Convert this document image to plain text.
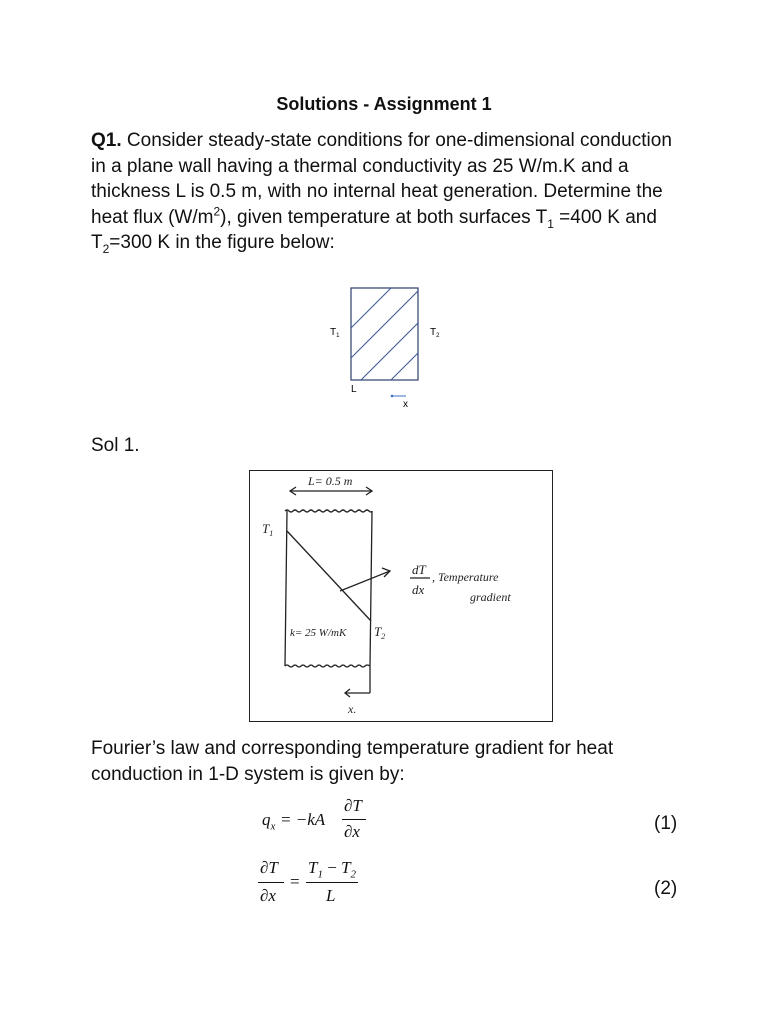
Solutions - Assignment 1
Q1. Consider steady-state conditions for one-dimensional conduction in a plane wall having a thermal conductivity as 25 W/m.K and a thickness L is 0.5 m, with no internal heat generation. Determine the heat flux $(W/m^2)$, given temperature at both surfaces $T_1 =400$ K and $T_2=300$ K in the figure below:
$T_1$	$T_2$
L
x
Sol 1.
L= 0.5 m
$T_1$
$T_2$
k= 25 W/mK
dT
dx
, Temperature
gradient
x.
Fourier’s law and corresponding temperature gradient for heat conduction in 1-D system is given by:
$q_x = -kA$
∂T
∂x	(1)
∂T
∂x
=
$T_1 - T_2$
L	(2)
